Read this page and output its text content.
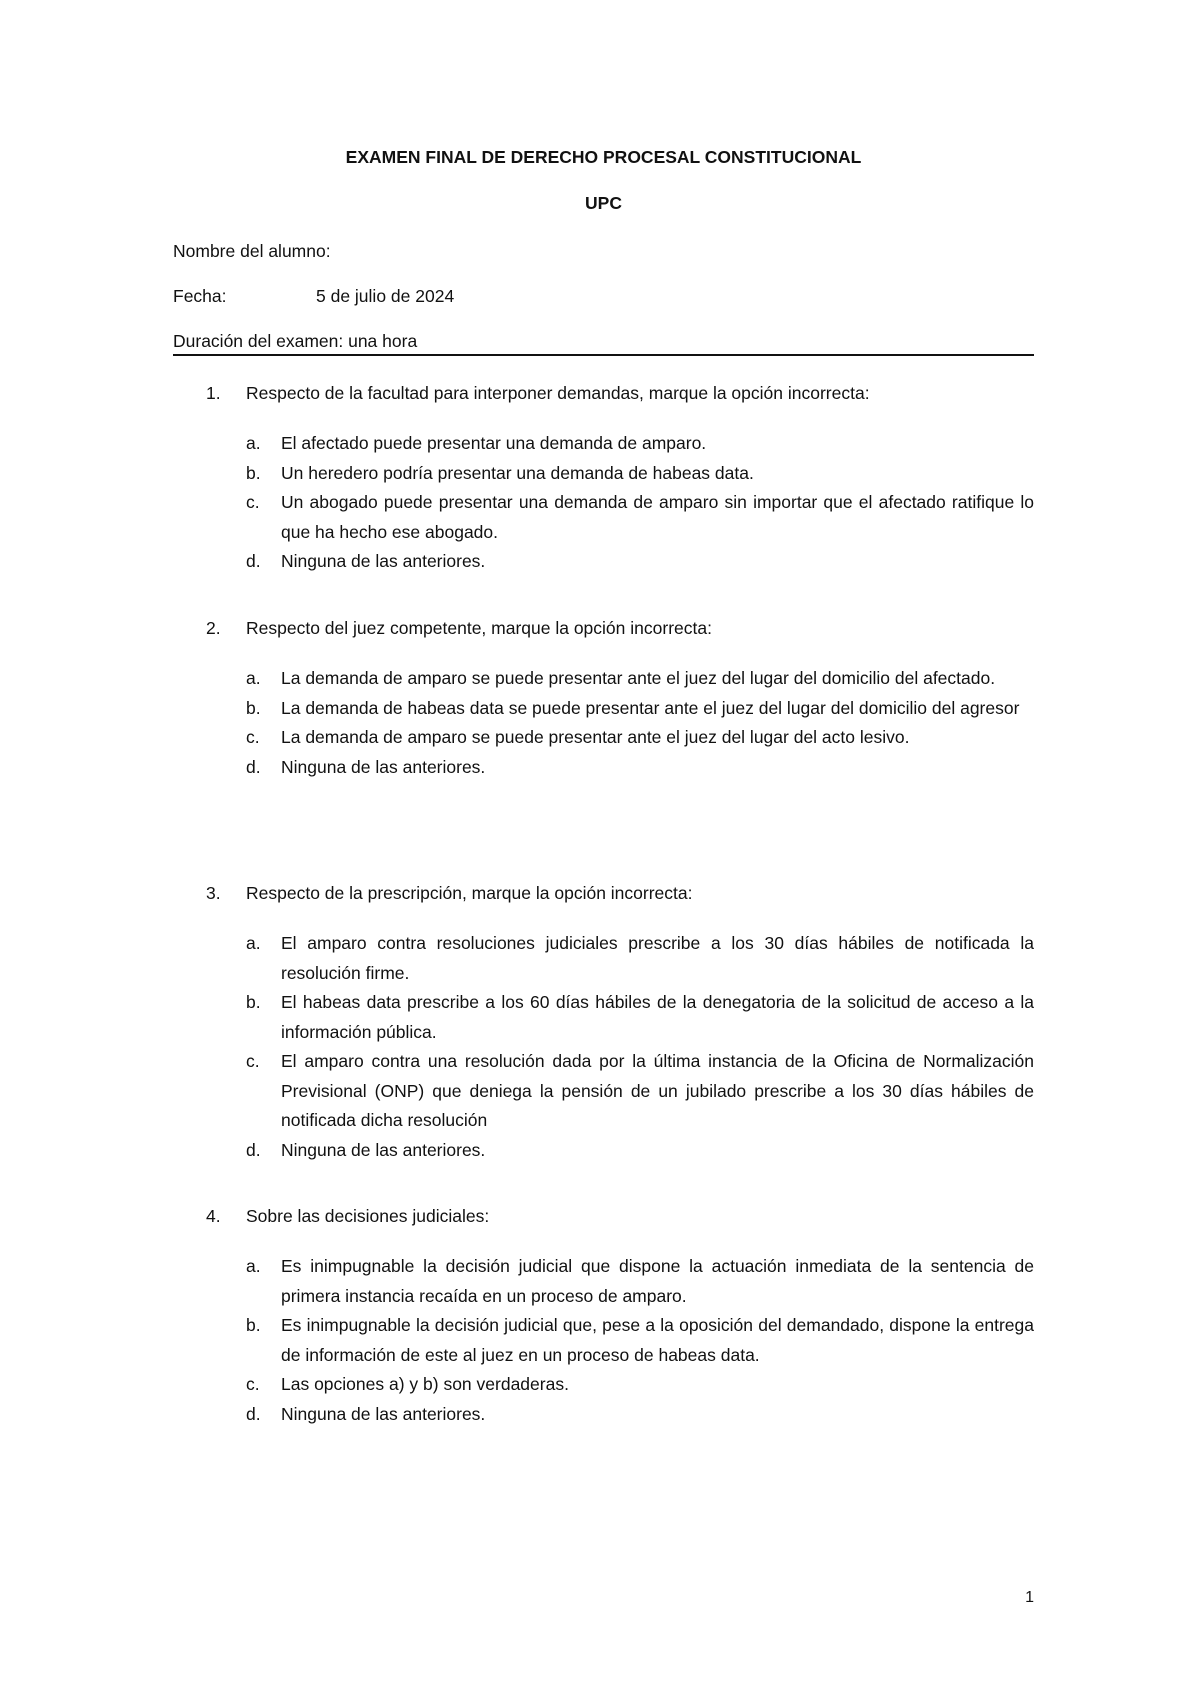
EXAMEN FINAL DE DERECHO PROCESAL CONSTITUCIONAL
UPC
Nombre del alumno:
Fecha:	5 de julio de 2024
Duración del examen: una hora
1. Respecto de la facultad para interponer demandas, marque la opción incorrecta:
a. El afectado puede presentar una demanda de amparo.
b. Un heredero podría presentar una demanda de habeas data.
c. Un abogado puede presentar una demanda de amparo sin importar que el afectado ratifique lo que ha hecho ese abogado.
d. Ninguna de las anteriores.
2. Respecto del juez competente, marque la opción incorrecta:
a. La demanda de amparo se puede presentar ante el juez del lugar del domicilio del afectado.
b. La demanda de habeas data se puede presentar ante el juez del lugar del domicilio del agresor
c. La demanda de amparo se puede presentar ante el juez del lugar del acto lesivo.
d. Ninguna de las anteriores.
3. Respecto de la prescripción, marque la opción incorrecta:
a. El amparo contra resoluciones judiciales prescribe a los 30 días hábiles de notificada la resolución firme.
b. El habeas data prescribe a los 60 días hábiles de la denegatoria de la solicitud de acceso a la información pública.
c. El amparo contra una resolución dada por la última instancia de la Oficina de Normalización Previsional (ONP) que deniega la pensión de un jubilado prescribe a los 30 días hábiles de notificada dicha resolución
d. Ninguna de las anteriores.
4. Sobre las decisiones judiciales:
a. Es inimpugnable la decisión judicial que dispone la actuación inmediata de la sentencia de primera instancia recaída en un proceso de amparo.
b. Es inimpugnable la decisión judicial que, pese a la oposición del demandado, dispone la entrega de información de este al juez en un proceso de habeas data.
c. Las opciones a) y b) son verdaderas.
d. Ninguna de las anteriores.
1
